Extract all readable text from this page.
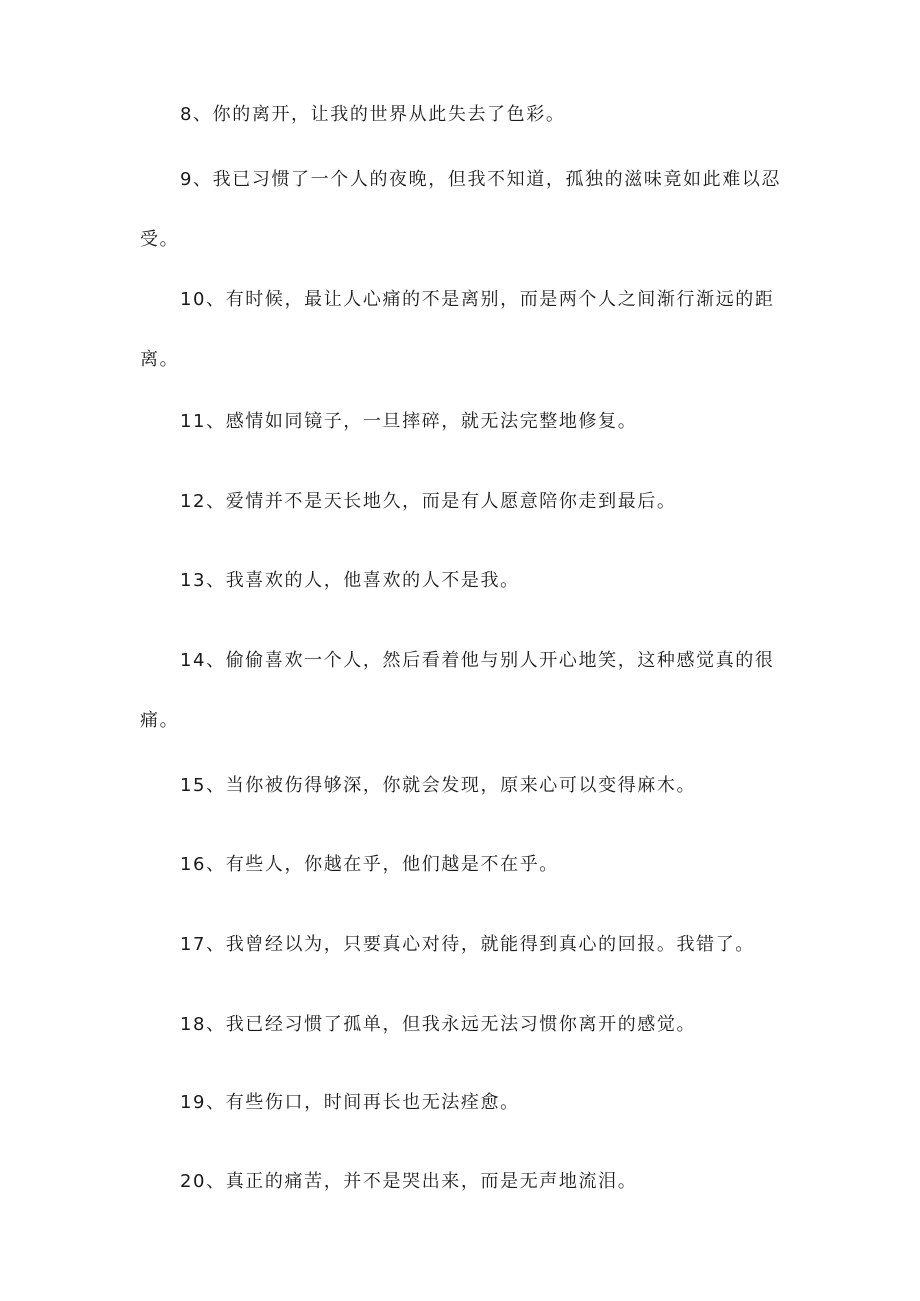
8、你的离开，让我的世界从此失去了色彩。

9、我已习惯了一个人的夜晚，但我不知道，孤独的滋味竟如此难以忍受。

10、有时候，最让人心痛的不是离别，而是两个人之间渐行渐远的距离。

11、感情如同镜子，一旦摔碎，就无法完整地修复。

12、爱情并不是天长地久，而是有人愿意陪你走到最后。

13、我喜欢的人，他喜欢的人不是我。

14、偷偷喜欢一个人，然后看着他与别人开心地笑，这种感觉真的很痛。

15、当你被伤得够深，你就会发现，原来心可以变得麻木。

16、有些人，你越在乎，他们越是不在乎。

17、我曾经以为，只要真心对待，就能得到真心的回报。我错了。

18、我已经习惯了孤单，但我永远无法习惯你离开的感觉。

19、有些伤口，时间再长也无法痊愈。

20、真正的痛苦，并不是哭出来，而是无声地流泪。
